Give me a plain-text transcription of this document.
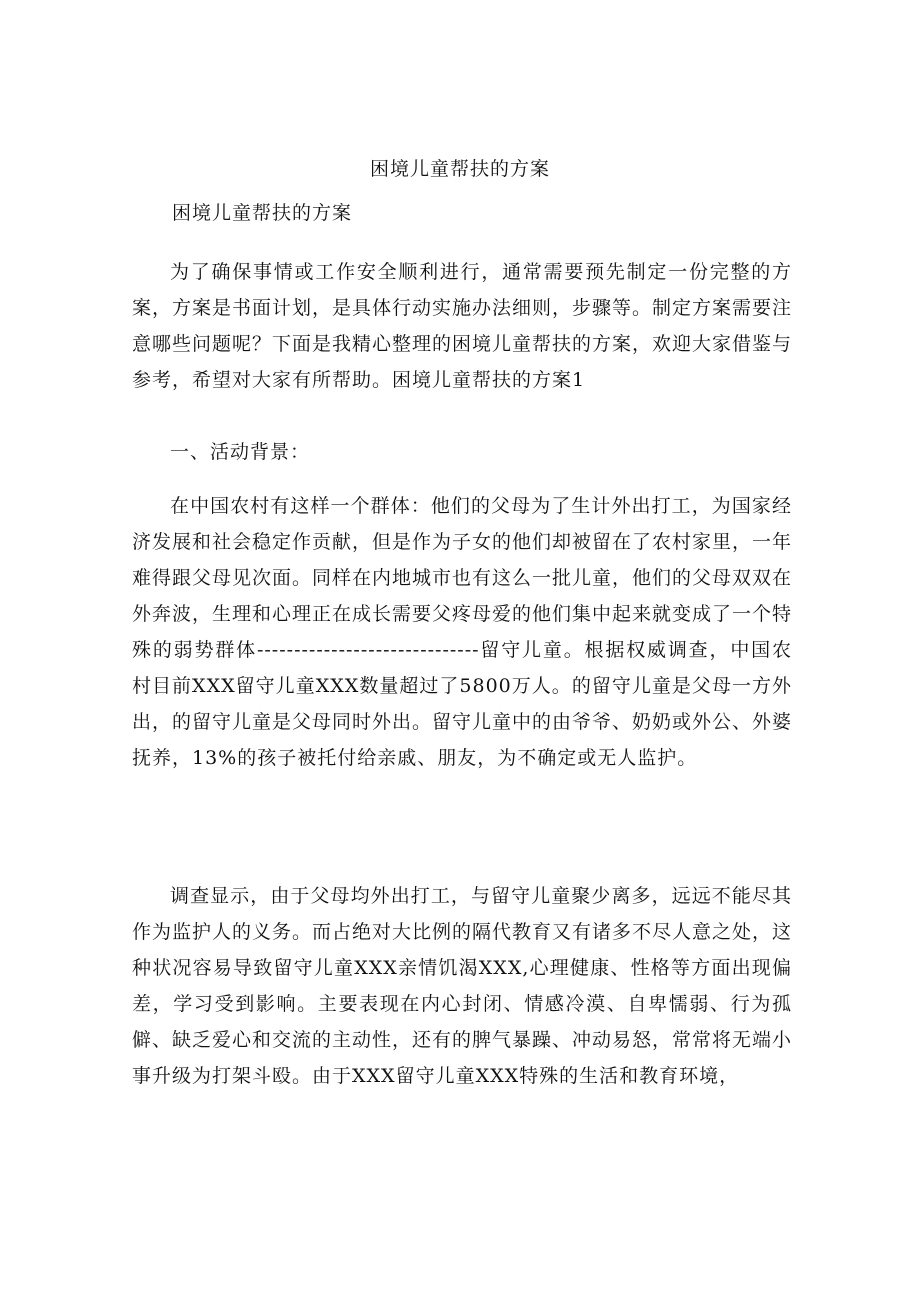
困境儿童帮扶的方案

困境儿童帮扶的方案

为了确保事情或工作安全顺利进行，通常需要预先制定一份完整的方案，方案是书面计划，是具体行动实施办法细则，步骤等。制定方案需要注意哪些问题呢？下面是我精心整理的困境儿童帮扶的方案，欢迎大家借鉴与参考，希望对大家有所帮助。困境儿童帮扶的方案1

一、活动背景：

在中国农村有这样一个群体：他们的父母为了生计外出打工，为国家经济发展和社会稳定作贡献，但是作为子女的他们却被留在了农村家里，一年难得跟父母见次面。同样在内地城市也有这么一批儿童，他们的父母双双在外奔波，生理和心理正在成长需要父疼母爱的他们集中起来就变成了一个特殊的弱势群体------------------------------留守儿童。根据权威调查，中国农村目前XXX留守儿童XXX数量超过了5800万人。的留守儿童是父母一方外出，的留守儿童是父母同时外出。留守儿童中的由爷爷、奶奶或外公、外婆抚养，13%的孩子被托付给亲戚、朋友，为不确定或无人监护。

调查显示，由于父母均外出打工，与留守儿童聚少离多，远远不能尽其作为监护人的义务。而占绝对大比例的隔代教育又有诸多不尽人意之处，这种状况容易导致留守儿童XXX亲情饥渴XXX,心理健康、性格等方面出现偏差，学习受到影响。主要表现在内心封闭、情感冷漠、自卑懦弱、行为孤僻、缺乏爱心和交流的主动性，还有的脾气暴躁、冲动易怒，常常将无端小事升级为打架斗殴。由于XXX留守儿童XXX特殊的生活和教育环境，
